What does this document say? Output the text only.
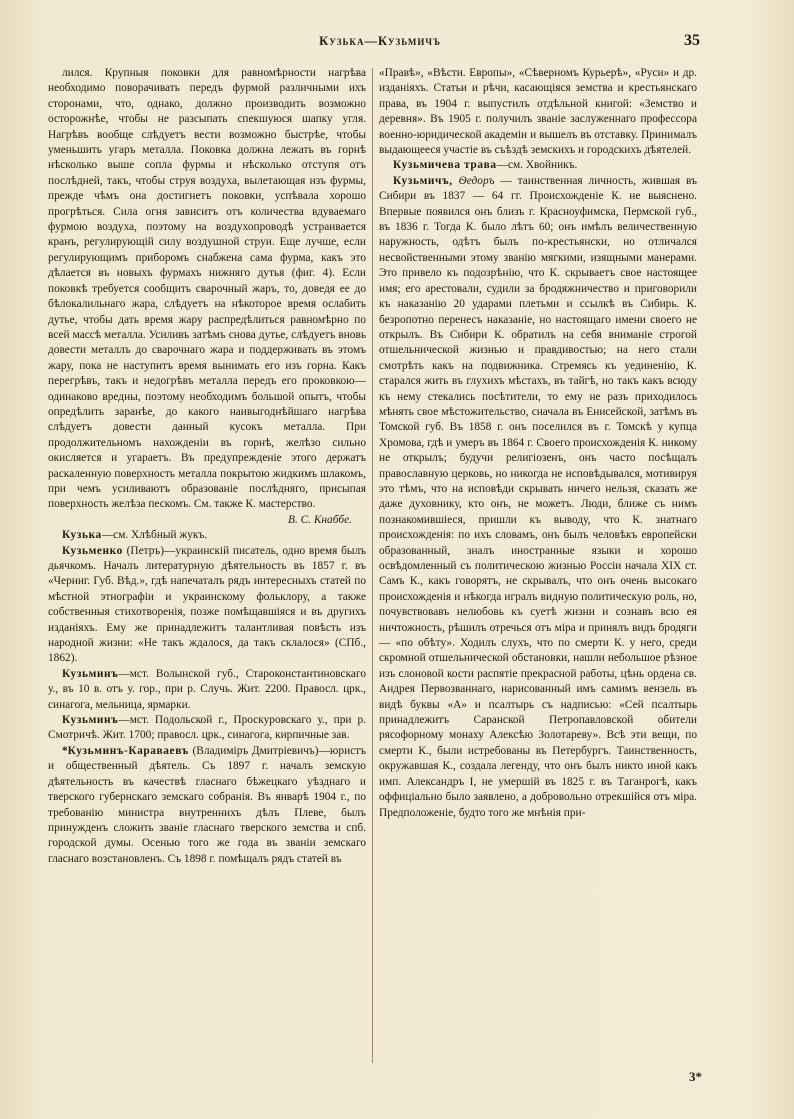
Кузька—Кузьмичъ	35

лился. Крупныя поковки для равномѣрности нагрѣва необходимо поворачивать передъ фурмой различными ихъ сторонами, что, однако, должно производить возможно осторожнѣе, чтобы не разсыпать спекшуюся шапку угля. Нагрѣвъ вообще слѣдуетъ вести возможно быстрѣе, чтобы уменьшить угаръ металла. Поковка должна лежать въ горнѣ нѣсколько выше сопла фурмы и нѣсколько отступя отъ послѣдней, такъ, чтобы струя воздуха, вылетающая изъ фурмы, прежде чѣмъ она достигнетъ поковки, успѣвала хорошо прогрѣться. Сила огня зависитъ отъ количества вдуваемаго фурмою воздуха, поэтому на воздухопроводѣ устраивается кранъ, регулирующій силу воздушной струи. Еще лучше, если регулирующимъ приборомъ снабжена сама фурма, какъ это дѣлается въ новыхъ фурмахъ нижняго дутья (фиг. 4). Если поковкѣ требуется сообщить сварочный жаръ, то, доведя ее до бѣлокалильнаго жара, слѣдуетъ на нѣкоторое время ослабить дутье, чтобы дать время жару распредѣлиться равномѣрно по всей массѣ металла. Усиливъ затѣмъ снова дутье, слѣдуетъ вновь довести металлъ до сварочнаго жара и поддерживать въ этомъ жару, пока не наступитъ время вынимать его изъ горна. Какъ перегрѣвъ, такъ и недогрѣвъ металла передъ его проковкою—одинаково вредны, поэтому необходимъ большой опытъ, чтобы опредѣлить заранѣе, до какого наивыгоднѣйшаго нагрѣва слѣдуетъ довести данный кусокъ металла. При продолжительномъ нахожденіи въ горнѣ, желѣзо сильно окисляется и угараетъ. Въ предупрежденіе этого держатъ раскаленную поверхность металла покрытою жидкимъ шлакомъ, при чемъ усиливаютъ образованіе послѣдняго, присыпая поверхность желѣза пескомъ. См. также К. мастерство.

В. С. Кнаббе.

Кузька—см. Хлѣбный жукъ.

Кузьменко (Петръ)—украинскій писатель, одно время былъ дьячкомъ. Началъ литературную дѣятельность въ 1857 г. въ «Черниг. Губ. Вѣд.», гдѣ напечаталъ рядъ интересныхъ статей по мѣстной этнографіи и украинскому фольклору, а также собственныя стихотворенія, позже помѣщавшіяся и въ другихъ изданіяхъ. Ему же принадлежитъ талантливая повѣсть изъ народной жизни: «Не такъ ждалося, да такъ склалося» (СПб., 1862).

Кузьминъ—мст. Волынской губ., Староконстантиновскаго у., въ 10 в. отъ у. гор., при р. Случь. Жит. 2200. Правосл. црк., синагога, мельница, ярмарки.

Кузьминъ—мст. Подольской г., Проскуровскаго у., при р. Смотричѣ. Жит. 1700; правосл. црк., синагога, кирпичные зав.

*Кузьминъ-Караваевъ (Владиміръ Дмитріевичъ)—юристъ и общественный дѣятель. Съ 1897 г. началъ земскую дѣятельность въ качествѣ гласнаго бѣжецкаго уѣзднаго и тверского губернскаго земскаго собранія. Въ январѣ 1904 г., по требованію министра внутреннихъ дѣлъ Плеве, былъ принужденъ сложить званіе гласнаго тверского земства и спб. городской думы. Осенью того же года въ званіи земскаго гласнаго возстановленъ. Съ 1898 г. помѣщалъ рядъ статей въ

«Правѣ», «Вѣсти. Европы», «Сѣверномъ Курьерѣ», «Руси» и др. изданіяхъ. Статьи и рѣчи, касающіяся земства и крестьянскаго права, въ 1904 г. выпустилъ отдѣльной книгой: «Земство и деревня». Въ 1905 г. получилъ званіе заслуженнаго профессора военно-юридической академіи и вышелъ въ отставку. Принималъ выдающееся участіе въ съѣздѣ земскихъ и городскихъ дѣятелей.

Кузьмичева трава—см. Хвойникъ.

Кузьмичъ, Ѳедоръ — таинственная личность, жившая въ Сибири въ 1837 — 64 гг. Происхожденіе К. не выяснено. Впервые появился онъ близъ г. Красноуфимска, Пермской губ., въ 1836 г. Тогда К. было лѣтъ 60; онъ имѣлъ величественную наружность, одѣтъ былъ по-крестьянски, но отличался несвойственными этому званію мягкими, изящными манерами. Это привело къ подозрѣнію, что К. скрываетъ свое настоящее имя; его арестовали, судили за бродяжничество и приговорили къ наказанію 20 ударами плетьми и ссылкѣ въ Сибирь. К. безропотно перенесъ наказаніе, но настоящаго имени своего не открылъ. Въ Сибири К. обратилъ на себя вниманіе строгой отшельнической жизнью и правдивостью; на него стали смотрѣть какъ на подвижника. Стремясь къ уединенію, К. старался жить въ глухихъ мѣстахъ, въ тайгѣ, но такъ какъ всюду къ нему стекались посѣтители, то ему не разъ приходилось мѣнять свое мѣстожительство, сначала въ Енисейской, затѣмъ въ Томской губ. Въ 1858 г. онъ поселился въ г. Томскѣ у купца Хромова, гдѣ и умеръ въ 1864 г. Своего происхожденія К. никому не открылъ; будучи религіозенъ, онъ часто посѣщалъ православную церковь, но никогда не исповѣдывался, мотивируя это тѣмъ, что на исповѣди скрывать ничего нельзя, сказать же даже духовнику, кто онъ, не можетъ. Люди, ближе съ нимъ познакомившіеся, пришли къ выводу, что К. знатнаго происхожденія: по ихъ словамъ, онъ былъ человѣкъ европейски образованный, зналъ иностранные языки и хорошо освѣдомленный съ политическою жизнью Россіи начала XIX ст. Самъ К., какъ говорятъ, не скрывалъ, что онъ очень высокаго происхожденія и нѣкогда игралъ видную политическую роль, но, почувствовавъ нелюбовь къ суетѣ жизни и сознавъ всю ея ничтожность, рѣшилъ отречься отъ міра и принялъ видъ бродяги — «по обѣту». Ходилъ слухъ, что по смерти К. у него, среди скромной отшельнической обстановки, нашли небольшое рѣзное изъ слоновой кости распятіе прекрасной работы, цѣнь ордена св. Андрея Первозваннаго, нарисованный имъ самимъ вензель въ видѣ буквы «А» и псалтырь съ надписью: «Сей псалтырь принадлежитъ Саранской Петропавловской обители рясофорному монаху Алексѣю Золотареву». Всѣ эти вещи, по смерти К., были истребованы въ Петербургъ. Таинственность, окружавшая К., создала легенду, что онъ былъ никто иной какъ имп. Александръ I, не умершій въ 1825 г. въ Таганрогѣ, какъ оффиціально было заявлено, а добровольно отрекшійся отъ міра. Предположеніе, будто того же мнѣнія при-

3*
